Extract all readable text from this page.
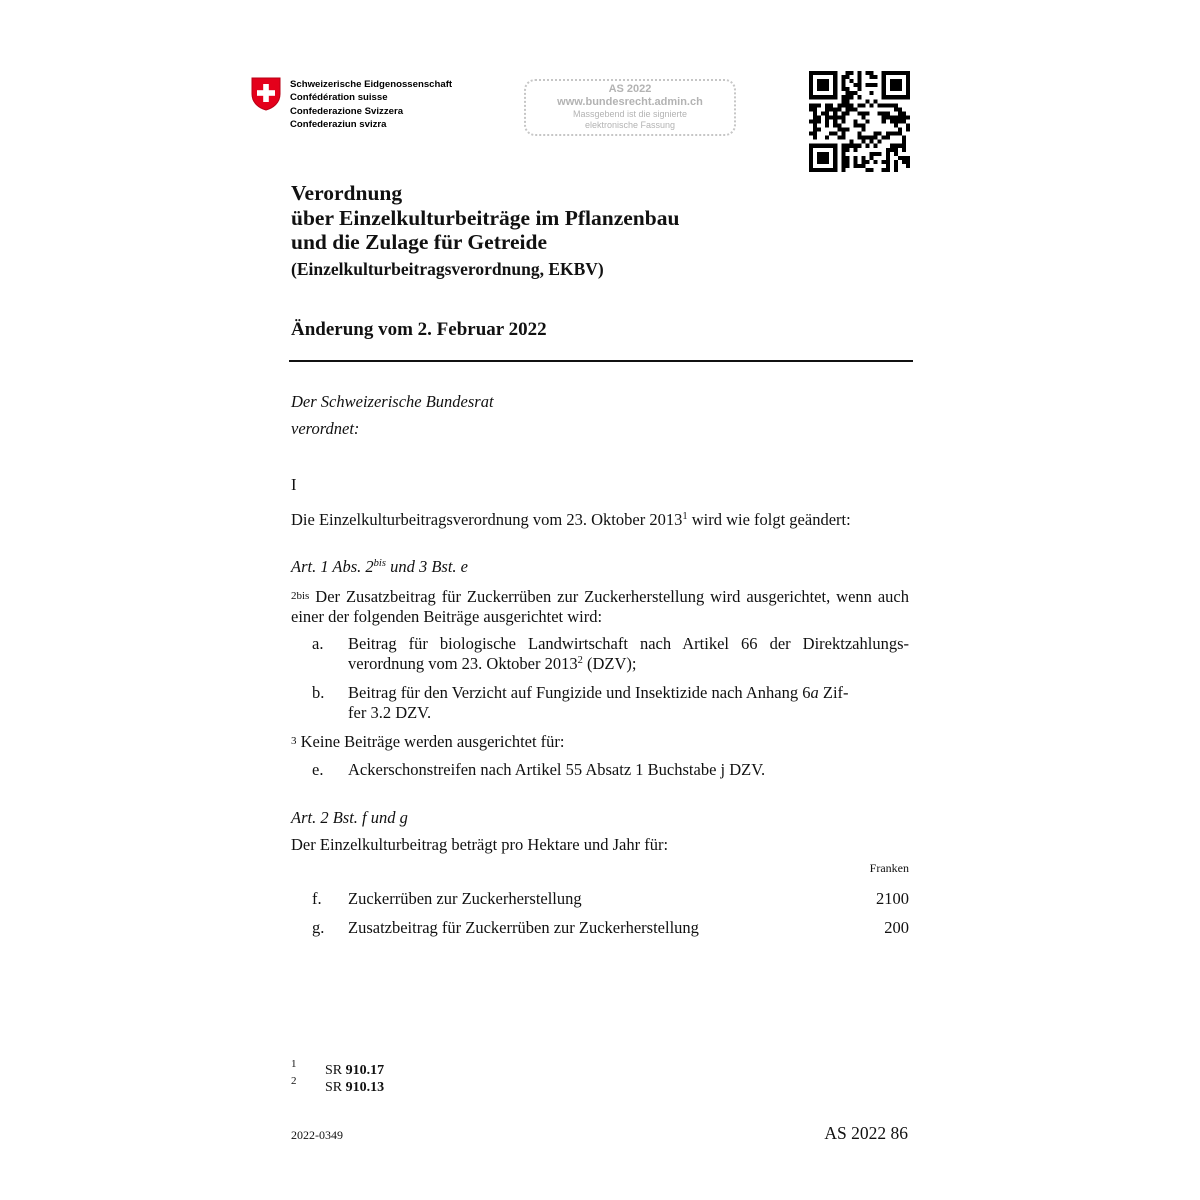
Schweizerische Eidgenossenschaft
Confédération suisse
Confederazione Svizzera
Confederaziun svizra
AS 2022
www.bundesrecht.admin.ch
Massgebend ist die signierte
elektronische Fassung
Verordnung
über Einzelkulturbeiträge im Pflanzenbau
und die Zulage für Getreide
(Einzelkulturbeitragsverordnung, EKBV)
Änderung vom 2. Februar 2022
Der Schweizerische Bundesrat
verordnet:
I
Die Einzelkulturbeitragsverordnung vom 23. Oktober 2013$^1$ wird wie folgt geändert:
Art. 1 Abs. $2^{bis}$ und 3 Bst. e
2bis Der Zusatzbeitrag für Zuckerrüben zur Zuckerherstellung wird ausgerichtet, wenn auch einer der folgenden Beiträge ausgerichtet wird:
a. Beitrag für biologische Landwirtschaft nach Artikel 66 der Direktzahlungs-
verordnung vom 23. Oktober 2013$^2$ (DZV);
b. Beitrag für den Verzicht auf Fungizide und Insektizide nach Anhang 6a Zif-
fer 3.2 DZV.
3 Keine Beiträge werden ausgerichtet für:
e. Ackerschonstreifen nach Artikel 55 Absatz 1 Buchstabe j DZV.
Art. 2 Bst. f und g
Der Einzelkulturbeitrag beträgt pro Hektare und Jahr für:
Franken
f. Zuckerrüben zur Zuckerherstellung	2100
g. Zusatzbeitrag für Zuckerrüben zur Zuckerherstellung	200
1 SR 910.17
2 SR 910.13
2022-0349	AS 2022 86
